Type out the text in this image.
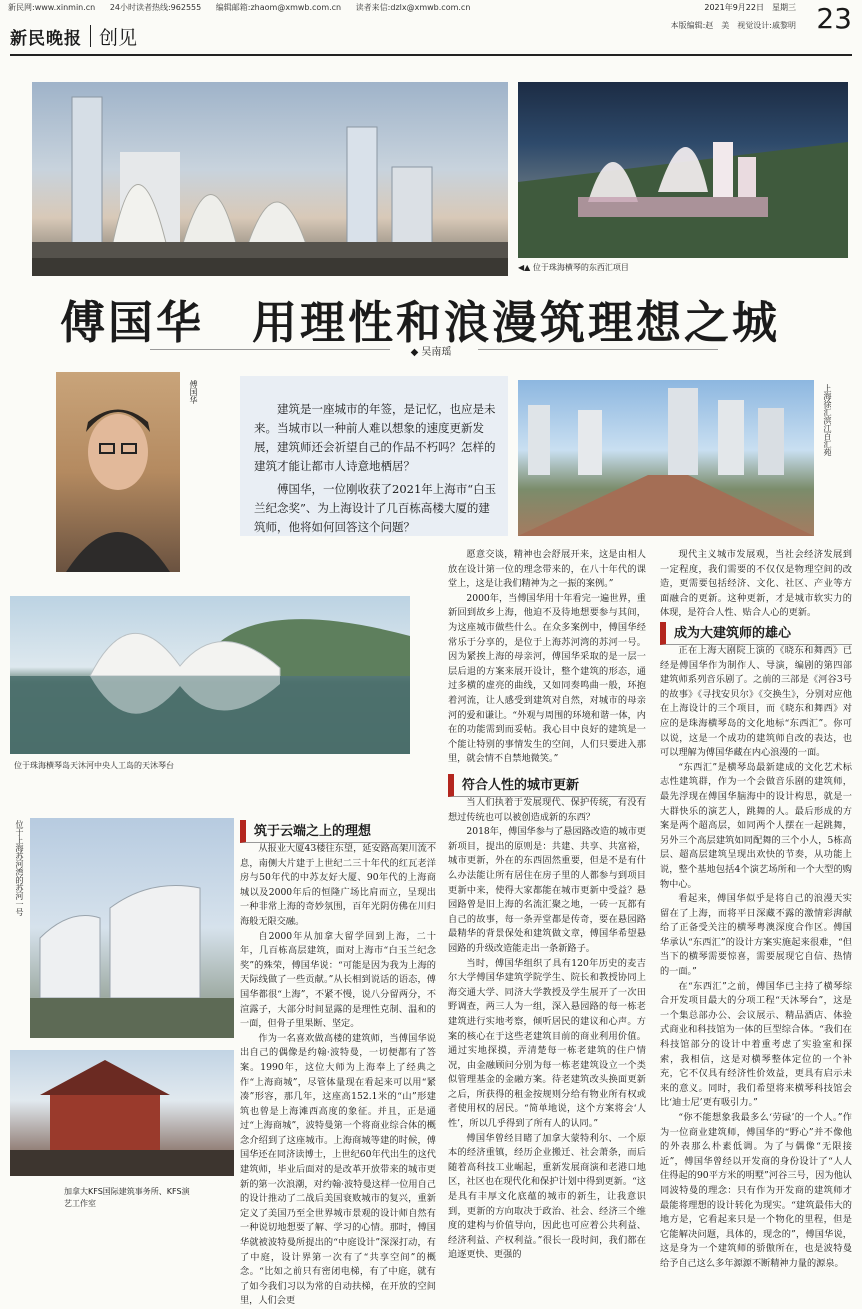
新民网:www.xinmin.cn 24小时读者热线:962555 编辑邮箱:zhaom@xmwb.com.cn 读者来信:dzlx@xmwb.com.cn	2021年9月22日　星期三 23
新民晚报 创见
本版编辑:赵　美　视觉设计:戚黎明
◀▲ 位于珠海横琴的东西汇项目
傅国华　用理性和浪漫筑理想之城
◆ 吴南瑶
傅国华

建筑是一座城市的年签，是记忆，也应是未来。当城市以一种前人难以想象的速度更新发展，建筑师还会祈望自己的作品不朽吗？怎样的建筑才能让都市人诗意地栖居？

傅国华，一位刚收获了2021年上海市“白玉兰纪念奖”、为上海设计了几百栋高楼大厦的建筑师，他将如何回答这个问题？

上海徐汇滨江百汇苑
位于珠海横琴岛天沐河中央人工岛的天沐琴台
位于上海苏河湾的苏河一号
加拿大KFS国际建筑事务所、KFS演艺工作室
筑于云端之上的理想

从报业大厦43楼往东望，延安路高架川流不息，南侧大片建于上世纪二三十年代的红瓦老洋房与50年代的中苏友好大厦、90年代的上海商城以及2000年后的恒隆广场比肩而立，呈现出一种非常上海的奇妙氛围，百年光阴仿佛在川归海般无限交融。

自2000年从加拿大留学回到上海，二十年，几百栋高层建筑，面对上海市“白玉兰纪念奖”的殊荣，傅国华说：“可能是因为我为上海的天际线做了一些贡献。”从长相到说话的语态，傅国华都很“上海”，不紧不慢，说八分留两分，不渲露子，大部分时间显露的是理性克制、温和的一面，但骨子里果断、坚定。

作为一名喜欢做高楼的建筑师，当傅国华说出自己的偶像是约翰·波特曼，一切便都有了答案。1990年，这位大师为上海奉上了经典之作“上海商城”，尽管体量现在看起来可以用“紧凑”形容，那几年，这座高152.1米的“山”形建筑也曾是上海滩西高度的象征。并且，正是通过“上海商城”，波特曼第一个将商业综合体的概念介绍到了这座城市。上海商城等建的时候，傅国华还在同济读博士，上世纪60年代出生的这代建筑师，毕业后面对的是改革开放带来的城市更新的第一次浪潮，对约翰·波特曼这样一位用自己的设计推动了二战后美国衰败城市的复兴，重新定义了美国乃至全世界城市景观的设计师自然有一种说切地想要了解、学习的心情。那时，傅国华就被波特曼所提出的“中庭设计”深深打动，有了中庭，设计界第一次有了“共享空间”的概念。“比如之前只有密闭电梯，有了中庭，就有了如今我们习以为常的自动扶梯，在开放的空间里，人们会更

愿意交谈，精神也会舒展开来，这是由相人放在设计第一位的理念带来的，在八十年代的课堂上，这是让我们精神为之一振的案例。”

2000年，当傅国华用十年看完一遍世界，重新回到故乡上海，他迫不及待地想要参与其间，为这座城市做些什么。在众多案例中，傅国华经常乐于分享的，是位于上海苏河湾的苏河一号。因为紧挨上海的母亲河，傅国华采取的是一层一层后退的方案来展开设计，整个建筑的形态，通过多横的虚亮的曲线，又如同奏鸣曲一般，环抱着河流，让人感受到建筑对自然，对城市的母亲河的爱和谦让。“外观与周围的环境和谐一体，内在的功能需到而妥帖。我心目中良好的建筑是一个能让特别的事情发生的空间，人们只要进入那里，就会情不自禁地微笑。”

符合人性的城市更新

当人们执着于发展现代、保护传统，有没有想过传统也可以被创造成新的东西？

2018年，傅国华参与了悬园路改造的城市更新项目，提出的原则是：共建、共享、共富裕，城市更新，外在的东西固然重要，但是不是有什么办法能让所有居住在房子里的人都参与到项目更新中来，使得大家都能在城市更新中受益？悬园路曾是旧上海的名流汇聚之地，一砖一瓦都有自己的故事，每一条弄堂都是传奇，要在悬园路最精华的背景保处和建筑做文章，傅国华希望悬园路的升级改造能走出一条新路子。

当时，傅国华组织了具有120年历史的麦吉尔大学傅国华建筑学院学生、院长和教授协同上海交通大学、同济大学教授及学生展开了一次田野调查，两三人为一组，深入悬园路的每一栋老建筑进行实地考察，倾听居民的建议和心声。方案的核心在于这些老建筑目前的商业利用价值。通过实地探摸，弄清楚每一栋老建筑的住户情况，由金融顾问分别为每一栋老建筑设立一个类似管理基金的金融方案。待老建筑改头换面更新之后，所获得的租金按规则分给有物业所有权或者使用权的居民。“简单地说，这个方案将会‘人性’，所以几乎得到了所有人的认同。”

傅国华曾经目睹了加拿大蒙特利尔、一个原本的经济重镇，经历企业搬迁、社会萧条，而后随着高科技工业崛起，重新发展商演和老港口地区，社区也在现代化和保护计划中得到更新。“这是具有丰厚文化底蕴的城市的新生，让我意识到，更新的方向取决于政治、社会、经济三个维度的建构与价值导向，因此也可应着公共利益、经济利益、产权利益。”很长一段时间，我们都在追逐更快、更强的

现代主义城市发展观，当社会经济发展到一定程度，我们需要的不仅仅是物理空间的改造，更需要包括经济、文化、社区、产业等方面融合的更新。这种更新，才是城市软实力的体现，是符合人性、贴合人心的更新。

成为大建筑师的雄心

正在上海大剧院上演的《晓东和舞西》已经是傅国华作为制作人、导演，编剧的第四部建筑师系列音乐剧了。之前的三部是《河谷3号的故事》《寻找安贝尔》《交换生》，分别对应他在上海设计的三个项目，而《晓东和舞西》对应的是珠海横琴岛的文化地标“东西汇”。你可以说，这是一个成功的建筑师自改的表达，也可以理解为傅国华藏在内心浪漫的一面。

“东西汇”是横琴岛最新建成的文化艺术标志性建筑群，作为一个会做音乐剧的建筑师，最先浮现在傅国华脑海中的设计构思，就是一大群快乐的演艺人，跳舞的人。最后形成的方案是两个超高层，如同两个人摆在一起跳舞，另外三个高层建筑如同配舞的三个小人，5栋高层、超高层建筑呈现出欢快的节奏，从功能上说，整个基地包括4个演艺场所和一个大型的购物中心。

看起来，傅国华似乎是将自己的浪漫天实留在了上海，而将平日深藏不露的激情彩湃献给了正备受关注的横琴粤澳深度合作区。傅国华承认“东西汇”的设计方案实施起来很难，“但当下的横琴需要惊喜，需要展现它自信、热情的一面。”

在“东西汇”之前，傅国华已主持了横琴综合开发项目最大的分项工程“天沐琴台”，这是一个集总部办公、会议展示、精品酒店、体验式商业和科技馆为一体的巨型综合体。“我们在科技馆部分的设计中着重考虑了实验室和探索，我相信，这是对横琴整体定位的一个补充，它不仅具有经济性价效益，更具有启示未来的意义。同时，我们希望将来横琴科技馆会比‘迪士尼’更有吸引力。”

“你不能想象我最多么‘劳碌’的一个人。”作为一位商业建筑师，傅国华的“野心”并不像他的外表那么朴素低调。为了与偶像“无限接近”，傅国华曾经以开发商的身份设计了“人人住得起的90平方米的明墅”河谷三号，因为他认同波特曼的理念：只有作为开发商的建筑师才最能将理想的设计转化为现实。“建筑最伟大的地方是，它看起来只是一个物化的里程，但是它能解决问题，具体的，现念的”，傅国华说，这是身为一个建筑师的骄傲所在，也是波特曼给予自己这么多年源源不断精神力量的源泉。
